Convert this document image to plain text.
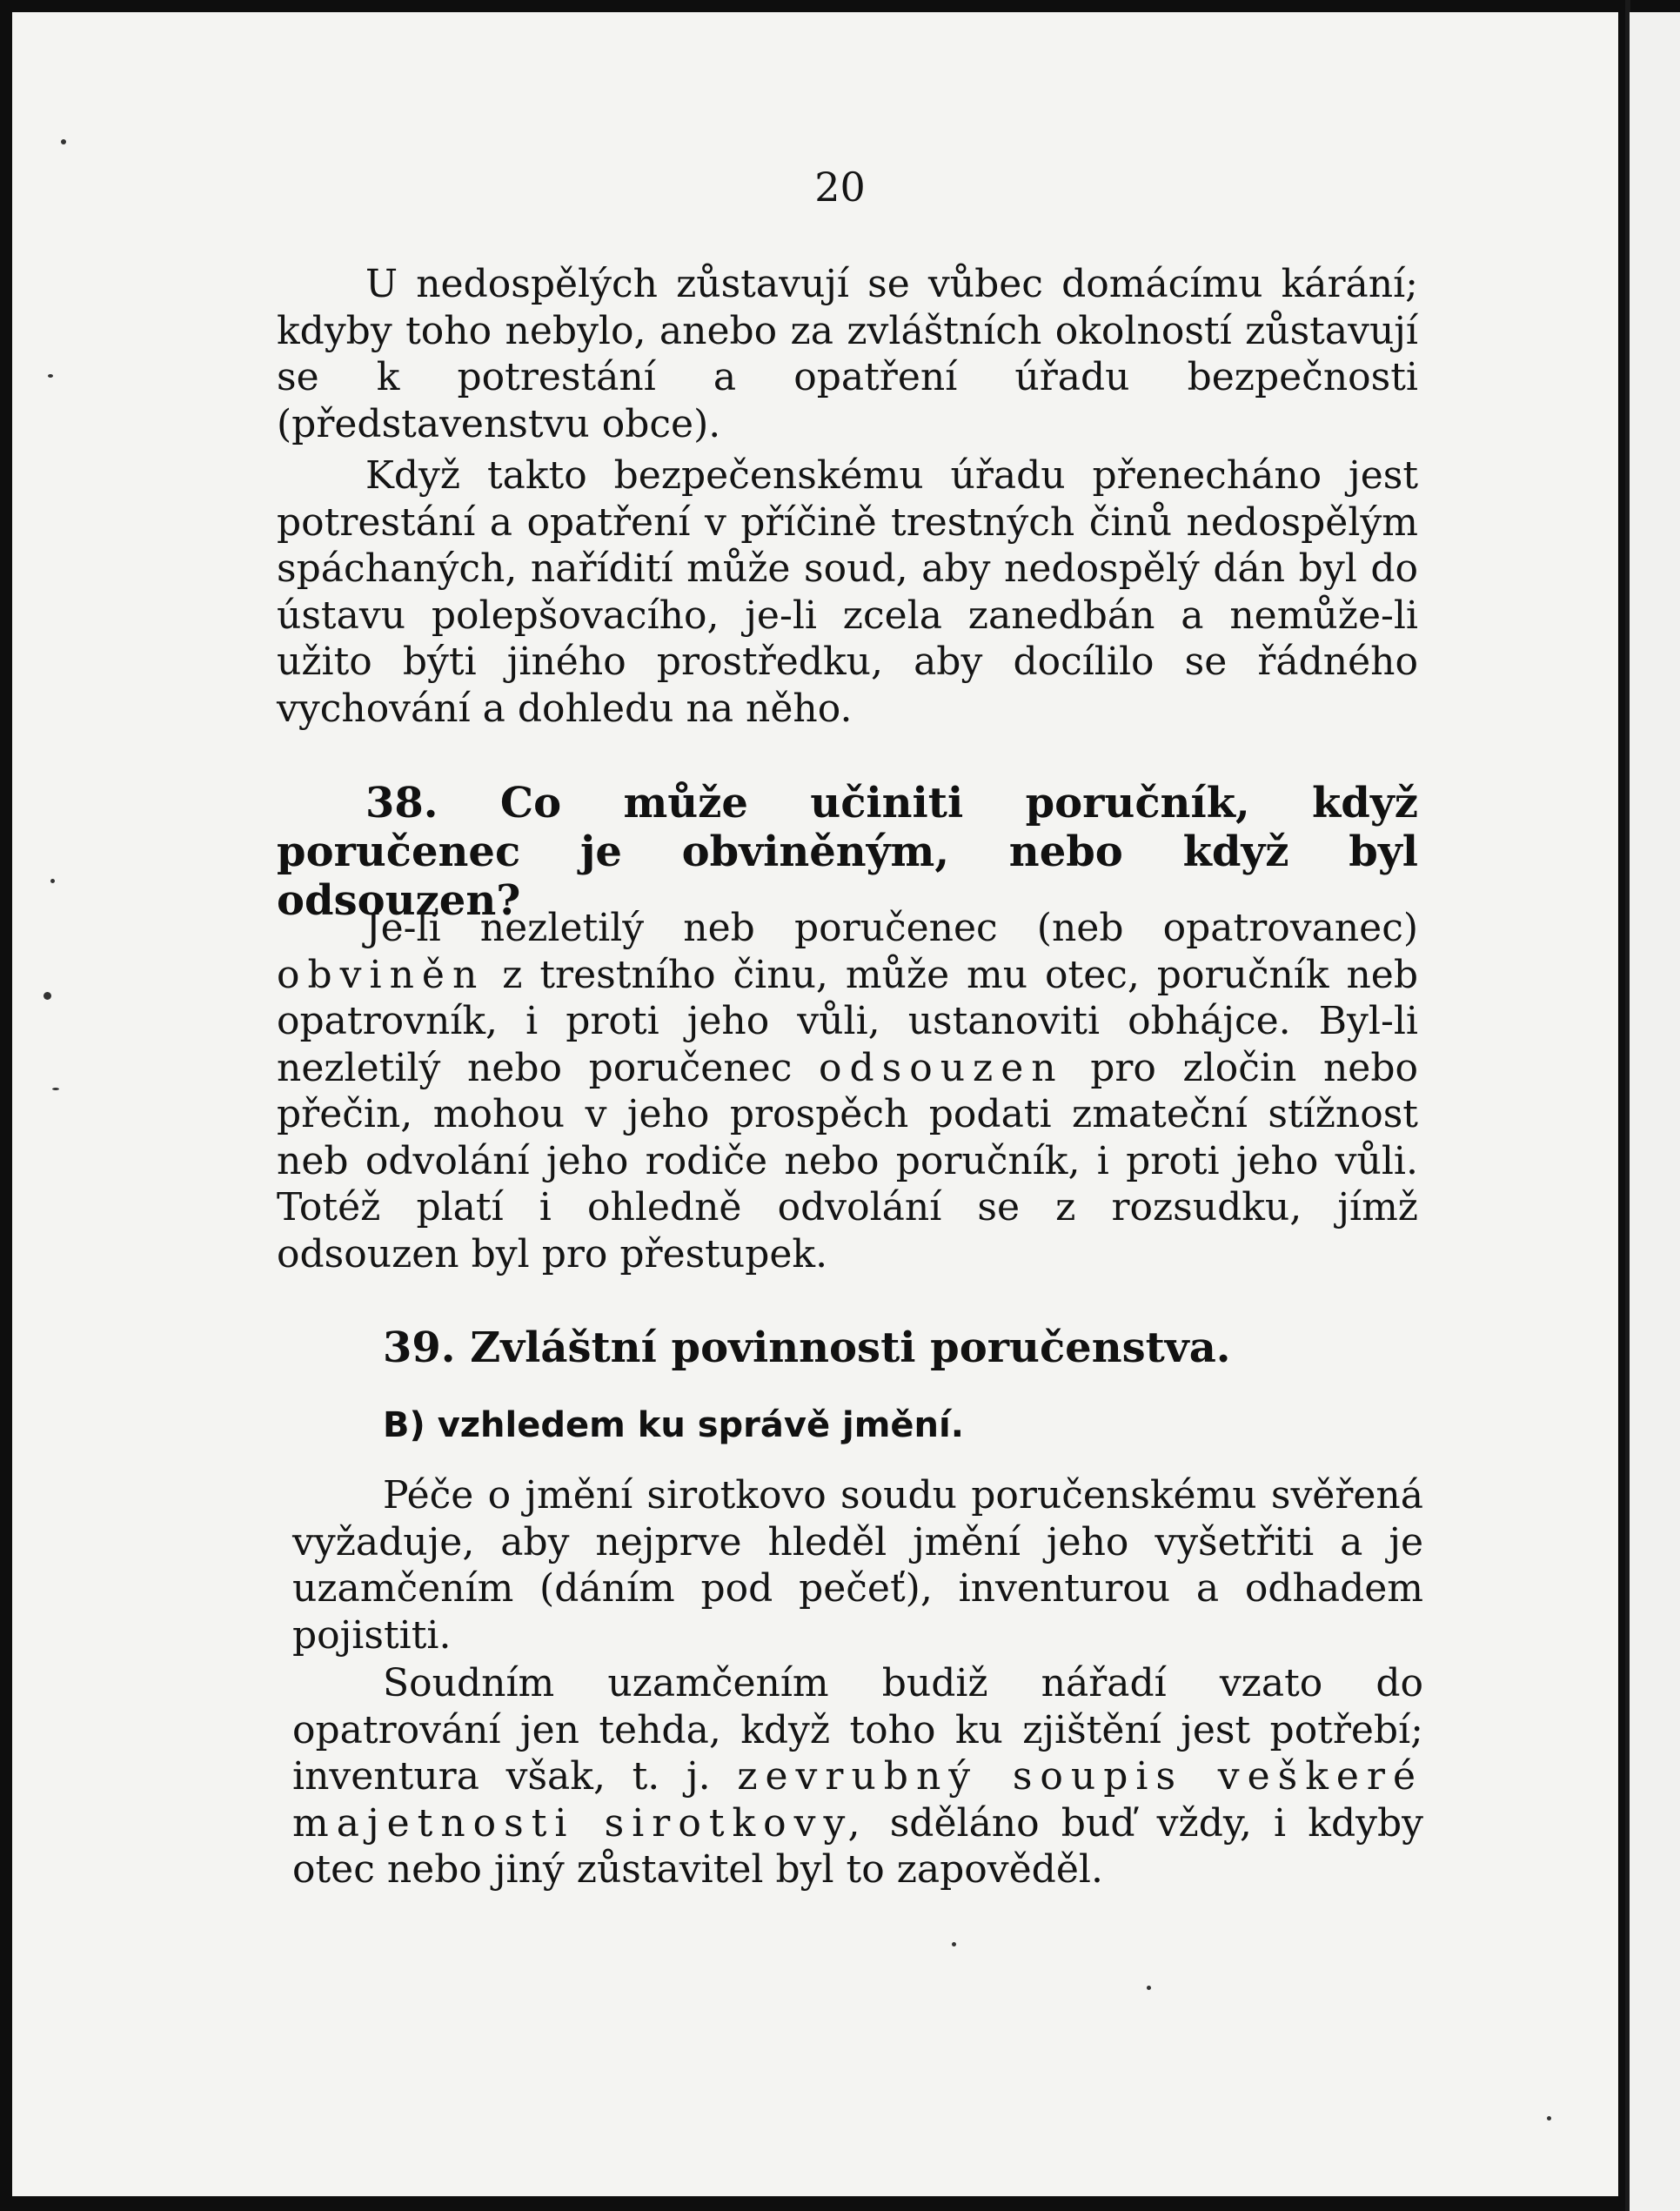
20
U nedospělých zůstavují se vůbec domácímu kárání; kdyby toho nebylo, anebo za zvláštních okolností zůstavují se k potrestání a opatření úřadu bezpečnosti (představenstvu obce).
Když takto bezpečenskému úřadu přenecháno jest potrestání a opatření v příčině trestných činů nedospělým spáchaných, nařídití může soud, aby nedospělý dán byl do ústavu polepšovacího, je-li zcela zanedbán a nemůže-li užito býti jiného prostředku, aby docílilo se řádného vychování a dohledu na něho.
38. Co může učiniti poručník, když poručenec je obviněným, nebo když byl odsouzen?
Je-li nezletilý neb poručenec (neb opatrovanec) obviněn z trestního činu, může mu otec, poručník neb opatrovník, i proti jeho vůli, ustanoviti obhájce. Byl-li nezletilý nebo poručenec odsouzen pro zločin nebo přečin, mohou v jeho prospěch podati zmateční stížnost neb odvolání jeho rodiče nebo poručník, i proti jeho vůli. Totéž platí i ohledně odvolání se z rozsudku, jímž odsouzen byl pro přestupek.
39. Zvláštní povinnosti poručenstva.
B) vzhledem ku správě jmění.
Péče o jmění sirotkovo soudu poručenskému svěřená vyžaduje, aby nejprve hleděl jmění jeho vyšetřiti a je uzamčením (dáním pod pečeť), inventurou a odhadem pojistiti.
Soudním uzamčením budiž nářadí vzato do opatrování jen tehda, když toho ku zjištění jest potřebí; inventura však, t. j. zevrubný soupis veškeré majetnosti sirotkovy, sděláno buď vždy, i kdyby otec nebo jiný zůstavitel byl to zapověděl.
